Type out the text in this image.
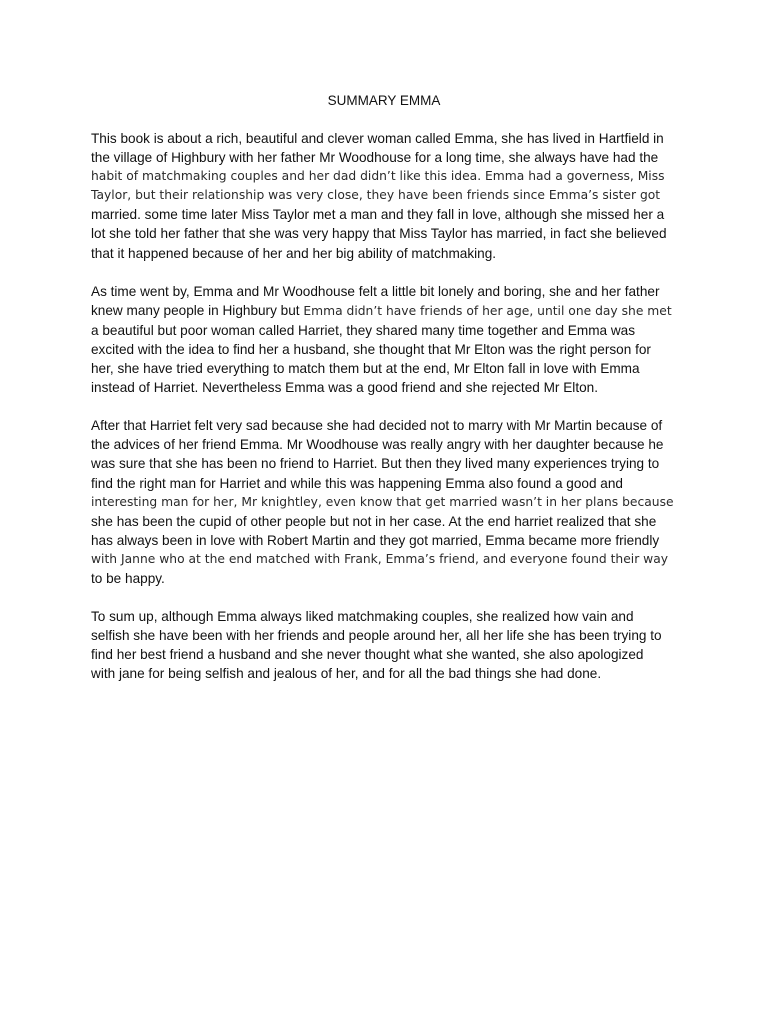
SUMMARY EMMA

This book is about a rich, beautiful and clever woman called Emma, she has lived in Hartfield in
the village of Highbury with her father Mr Woodhouse for a long time, she always have had the
habit of matchmaking couples and her dad didn’t like this idea. Emma had a governess, Miss
Taylor, but their relationship was very close, they have been friends since Emma’s sister got
married. some time later Miss Taylor met a man and they fall in love, although she missed her a
lot she told her father that she was very happy that Miss Taylor has married, in fact she believed
that it happened because of her and her big ability of matchmaking.

As time went by, Emma and Mr Woodhouse felt a little bit lonely and boring, she and her father
knew many people in Highbury but Emma didn’t have friends of her age, until one day she met
a beautiful but poor woman called Harriet, they shared many time together and Emma was
excited with the idea to find her a husband, she thought that Mr Elton was the right person for
her, she have tried everything to match them but at the end, Mr Elton fall in love with Emma
instead of Harriet. Nevertheless Emma was a good friend and she rejected Mr Elton.

After that Harriet felt very sad because she had decided not to marry with Mr Martin because of
the advices of her friend Emma. Mr Woodhouse was really angry with her daughter because he
was sure that she has been no friend to Harriet. But then they lived many experiences trying to
find the right man for Harriet and while this was happening Emma also found a good and
interesting man for her, Mr knightley, even know that get married wasn’t in her plans because
she has been the cupid of other people but not in her case. At the end harriet realized that she
has always been in love with Robert Martin and they got married, Emma became more friendly
with Janne who at the end matched with Frank, Emma’s friend, and everyone found their way
to be happy.

To sum up, although Emma always liked matchmaking couples, she realized how vain and
selfish she have been with her friends and people around her, all her life she has been trying to
find her best friend a husband and she never thought what she wanted, she also apologized
with jane for being selfish and jealous of her, and for all the bad things she had done.
